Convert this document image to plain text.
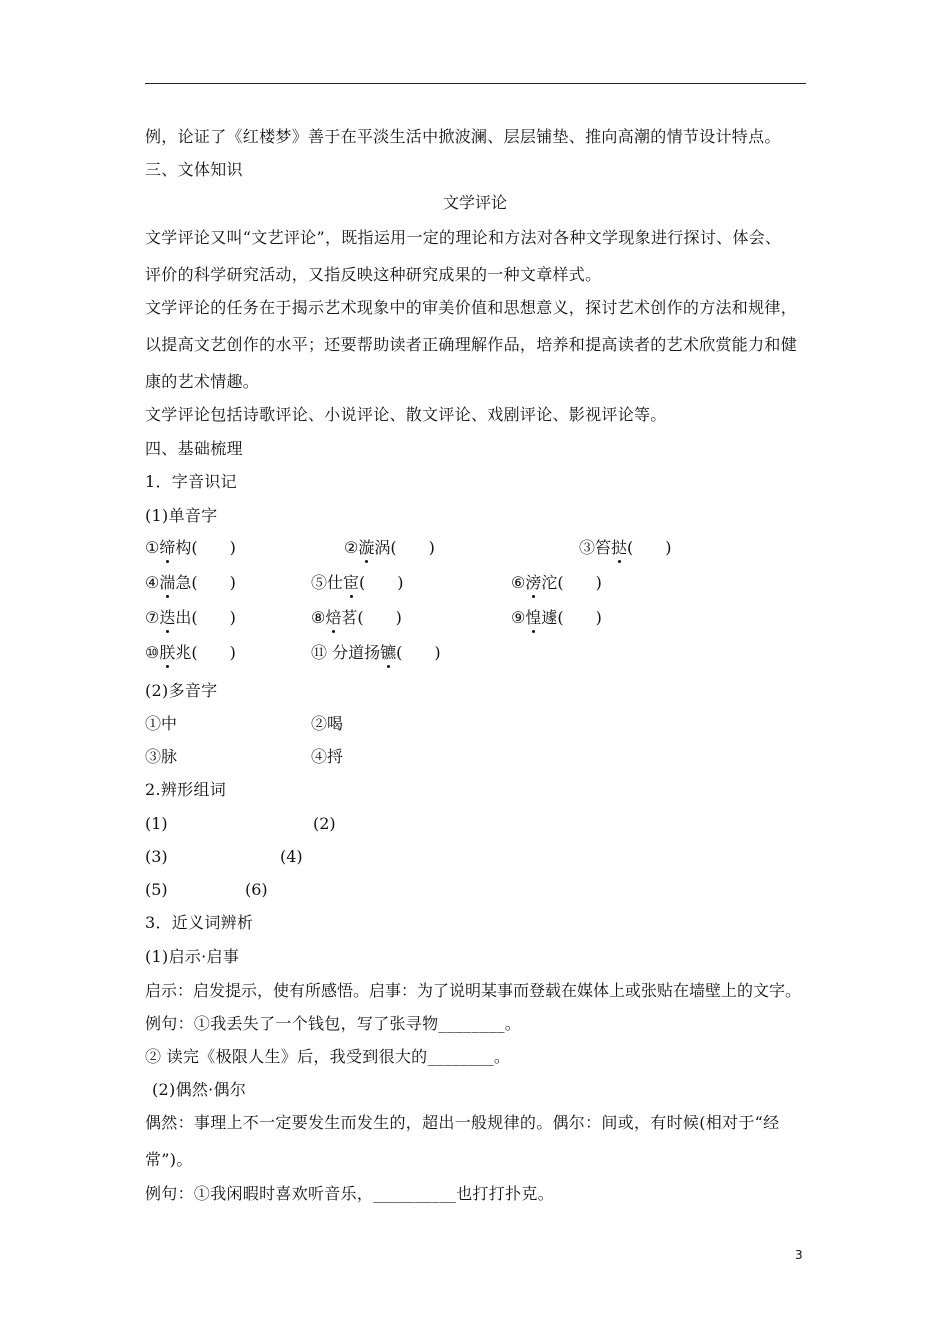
例，论证了《红楼梦》善于在平淡生活中掀波澜、层层铺垫、推向高潮的情节设计特点。
三、文体知识
文学评论
文学评论又叫“文艺评论”，既指运用一定的理论和方法对各种文学现象进行探讨、体会、
评价的科学研究活动，又指反映这种研究成果的一种文章样式。
文学评论的任务在于揭示艺术现象中的审美价值和思想意义，探讨艺术创作的方法和规律，
以提高文艺创作的水平；还要帮助读者正确理解作品，培养和提高读者的艺术欣赏能力和健
康的艺术情趣。
文学评论包括诗歌评论、小说评论、散文评论、戏剧评论、影视评论等。
四、基础梳理
1．字音识记
(1)单音字
①缔构(　　)	②漩涡(　　)	③笞挞(　　)
④湍急(　　)	⑤仕宦(　　)	⑥滂沱(　　)
⑦迭出(　　)	⑧焙茗(　　)	⑨惶遽(　　)
⑩朕兆(　　)	⑪ 分道扬镳(　　)
(2)多音字
①中	②喝
③脉	④捋
2.辨形组词
(1)	(2)
(3)	(4)
(5)	(6)
3．近义词辨析
(1)启示·启事
启示：启发提示，使有所感悟。启事：为了说明某事而登载在媒体上或张贴在墙壁上的文字。
例句：①我丢失了一个钱包，写了张寻物________。
② 读完《极限人生》后，我受到很大的________。
(2)偶然·偶尔
偶然：事理上不一定要发生而发生的，超出一般规律的。偶尔：间或，有时候(相对于“经
常”)。
例句：①我闲暇时喜欢听音乐，__________也打打扑克。
3
